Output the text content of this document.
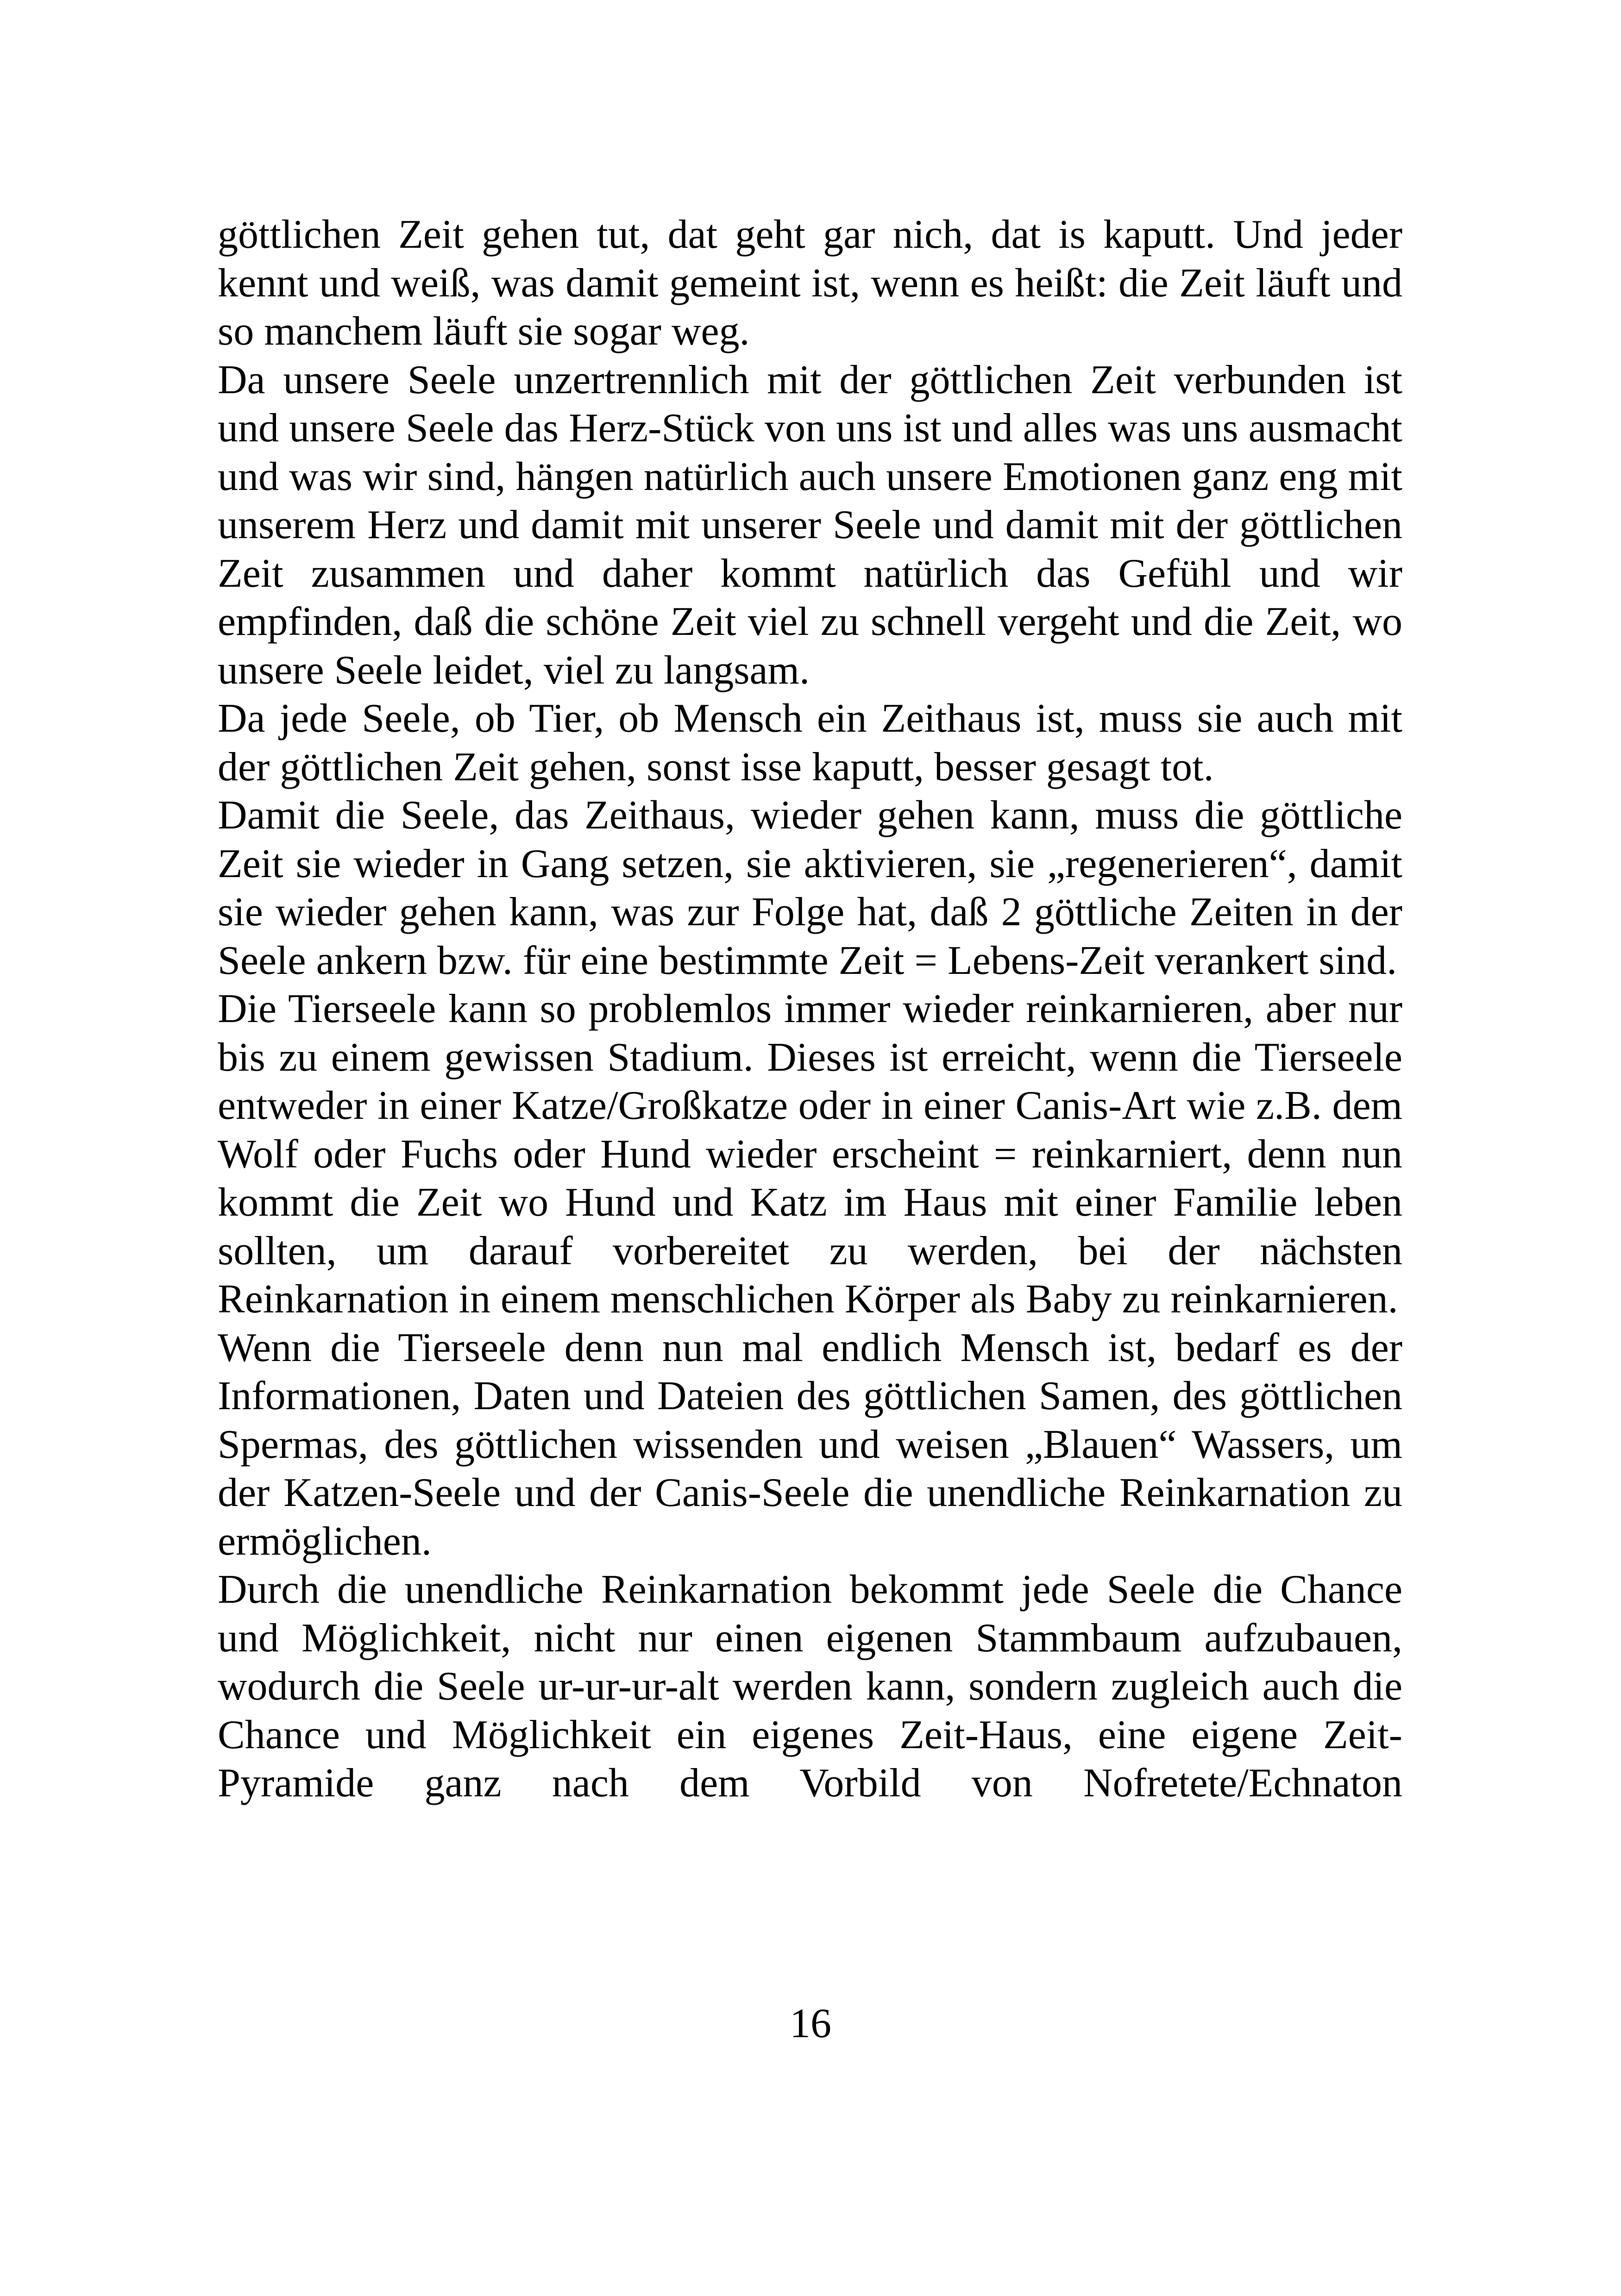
göttlichen Zeit gehen tut, dat geht gar nich, dat is kaputt. Und jeder kennt und weiß, was damit gemeint ist, wenn es heißt: die Zeit läuft und so manchem läuft sie sogar weg.

Da unsere Seele unzertrennlich mit der göttlichen Zeit verbunden ist und unsere Seele das Herz-Stück von uns ist und alles was uns ausmacht und was wir sind, hängen natürlich auch unsere Emotionen ganz eng mit unserem Herz und damit mit unserer Seele und damit mit der göttlichen Zeit zusammen und daher kommt natürlich das Gefühl und wir empfinden, daß die schöne Zeit viel zu schnell vergeht und die Zeit, wo unsere Seele leidet, viel zu langsam.

Da jede Seele, ob Tier, ob Mensch ein Zeithaus ist, muss sie auch mit der göttlichen Zeit gehen, sonst isse kaputt, besser gesagt tot.

Damit die Seele, das Zeithaus, wieder gehen kann, muss die göttliche Zeit sie wieder in Gang setzen, sie aktivieren, sie „regenerieren“, damit sie wieder gehen kann, was zur Folge hat, daß 2 göttliche Zeiten in der Seele ankern bzw. für eine bestimmte Zeit = Lebens-Zeit verankert sind.

Die Tierseele kann so problemlos immer wieder reinkarnieren, aber nur bis zu einem gewissen Stadium. Dieses ist erreicht, wenn die Tierseele entweder in einer Katze/Großkatze oder in einer Canis-Art wie z.B. dem Wolf oder Fuchs oder Hund wieder erscheint = reinkarniert, denn nun kommt die Zeit wo Hund und Katz im Haus mit einer Familie leben sollten, um darauf vorbereitet zu werden, bei der nächsten Reinkarnation in einem menschlichen Körper als Baby zu reinkarnieren.

Wenn die Tierseele denn nun mal endlich Mensch ist, bedarf es der Informationen, Daten und Dateien des göttlichen Samen, des göttlichen Spermas, des göttlichen wissenden und weisen „Blauen“ Wassers, um der Katzen-Seele und der Canis-Seele die unendliche Reinkarnation zu ermöglichen.

Durch die unendliche Reinkarnation bekommt jede Seele die Chance und Möglichkeit, nicht nur einen eigenen Stammbaum aufzubauen, wodurch die Seele ur-ur-ur-alt werden kann, sondern zugleich auch die Chance und Möglichkeit ein eigenes Zeit-Haus, eine eigene Zeit-Pyramide ganz nach dem Vorbild von Nofretete/Echnaton

16
